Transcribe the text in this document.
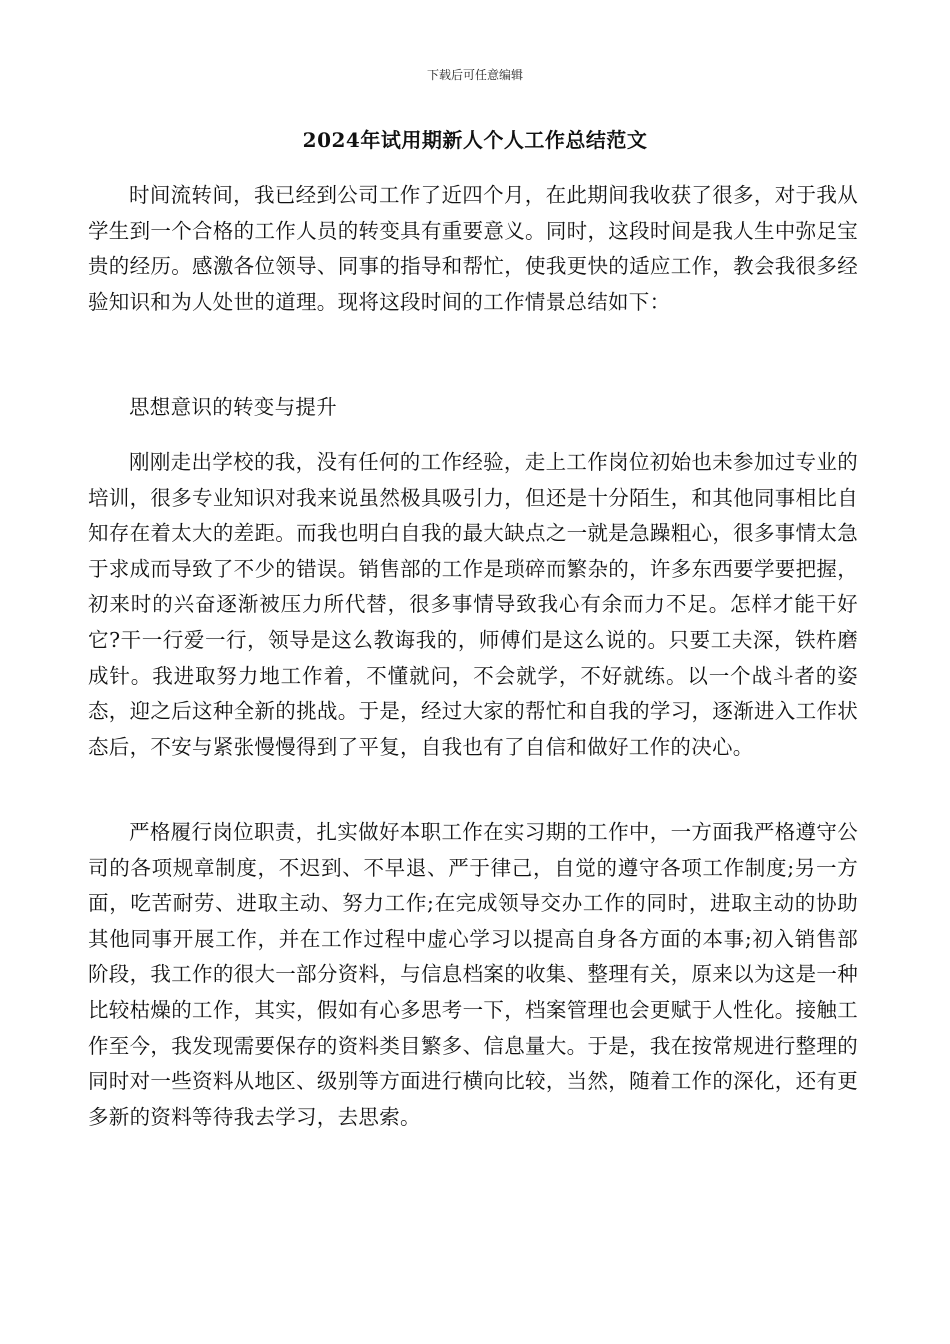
下载后可任意编辑
2024年试用期新人个人工作总结范文

时间流转间，我已经到公司工作了近四个月，在此期间我收获了很多，对于我从学生到一个合格的工作人员的转变具有重要意义。同时，这段时间是我人生中弥足宝贵的经历。感激各位领导、同事的指导和帮忙，使我更快的适应工作，教会我很多经验知识和为人处世的道理。现将这段时间的工作情景总结如下：

思想意识的转变与提升

刚刚走出学校的我，没有任何的工作经验，走上工作岗位初始也未参加过专业的培训，很多专业知识对我来说虽然极具吸引力，但还是十分陌生，和其他同事相比自知存在着太大的差距。而我也明白自我的最大缺点之一就是急躁粗心，很多事情太急于求成而导致了不少的错误。销售部的工作是琐碎而繁杂的，许多东西要学要把握，初来时的兴奋逐渐被压力所代替，很多事情导致我心有余而力不足。怎样才能干好它?干一行爱一行，领导是这么教诲我的，师傅们是这么说的。只要工夫深，铁杵磨成针。我进取努力地工作着，不懂就问，不会就学，不好就练。以一个战斗者的姿态，迎之后这种全新的挑战。于是，经过大家的帮忙和自我的学习，逐渐进入工作状态后，不安与紧张慢慢得到了平复，自我也有了自信和做好工作的决心。

严格履行岗位职责，扎实做好本职工作在实习期的工作中，一方面我严格遵守公司的各项规章制度，不迟到、不早退、严于律己，自觉的遵守各项工作制度;另一方面，吃苦耐劳、进取主动、努力工作;在完成领导交办工作的同时，进取主动的协助其他同事开展工作，并在工作过程中虚心学习以提高自身各方面的本事;初入销售部阶段，我工作的很大一部分资料，与信息档案的收集、整理有关，原来以为这是一种比较枯燥的工作，其实，假如有心多思考一下，档案管理也会更赋于人性化。接触工作至今，我发现需要保存的资料类目繁多、信息量大。于是，我在按常规进行整理的同时对一些资料从地区、级别等方面进行横向比较，当然，随着工作的深化，还有更多新的资料等待我去学习，去思索。
